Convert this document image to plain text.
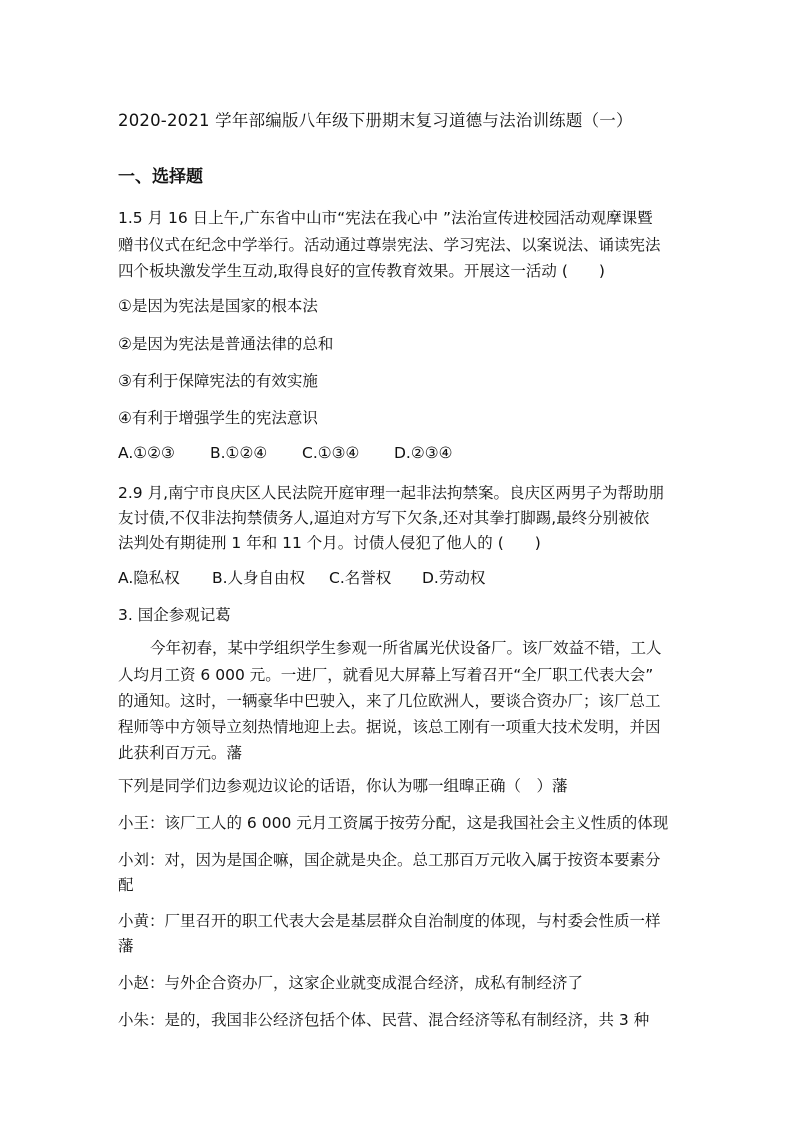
2020-2021 学年部编版八年级下册期末复习道德与法治训练题（一）
一、选择题
1.5 月 16 日上午,广东省中山市“宪法在我心中 ”法治宣传进校园活动观摩课暨
赠书仪式在纪念中学举行。活动通过尊崇宪法、学习宪法、以案说法、诵读宪法
四个板块激发学生互动,取得良好的宣传教育效果。开展这一活动 (　　)
①是因为宪法是国家的根本法
②是因为宪法是普通法律的总和
③有利于保障宪法的有效实施
④有利于增强学生的宪法意识
A.①②③ B.①②④ C.①③④ D.②③④
2.9 月,南宁市良庆区人民法院开庭审理一起非法拘禁案。良庆区两男子为帮助朋
友讨债,不仅非法拘禁债务人,逼迫对方写下欠条,还对其拳打脚踢,最终分别被依
法判处有期徒刑 1 年和 11 个月。讨债人侵犯了他人的 (　　)
A.隐私权 B.人身自由权 C.名誉权 D.劳动权
3. 国企参观记葛
今年初春，某中学组织学生参观一所省属光伏设备厂。该厂效益不错，工人
人均月工资 6 000 元。一进厂，就看见大屏幕上写着召开“全厂职工代表大会”
的通知。这时，一辆豪华中巴驶入，来了几位欧洲人，要谈合资办厂；该厂总工
程师等中方领导立刻热情地迎上去。据说，该总工刚有一项重大技术发明，并因
此获利百万元。藩
下列是同学们边参观边议论的话语，你认为哪一组曍正确（　）藩
小王：该厂工人的 6 000 元月工资属于按劳分配，这是我国社会主义性质的体现
小刘：对，因为是国企嘛，国企就是央企。总工那百万元收入属于按资本要素分
配
小黄：厂里召开的职工代表大会是基层群众自治制度的体现，与村委会性质一样
藩
小赵：与外企合资办厂，这家企业就变成混合经济，成私有制经济了
小朱：是的，我国非公经济包括个体、民营、混合经济等私有制经济，共 3 种
